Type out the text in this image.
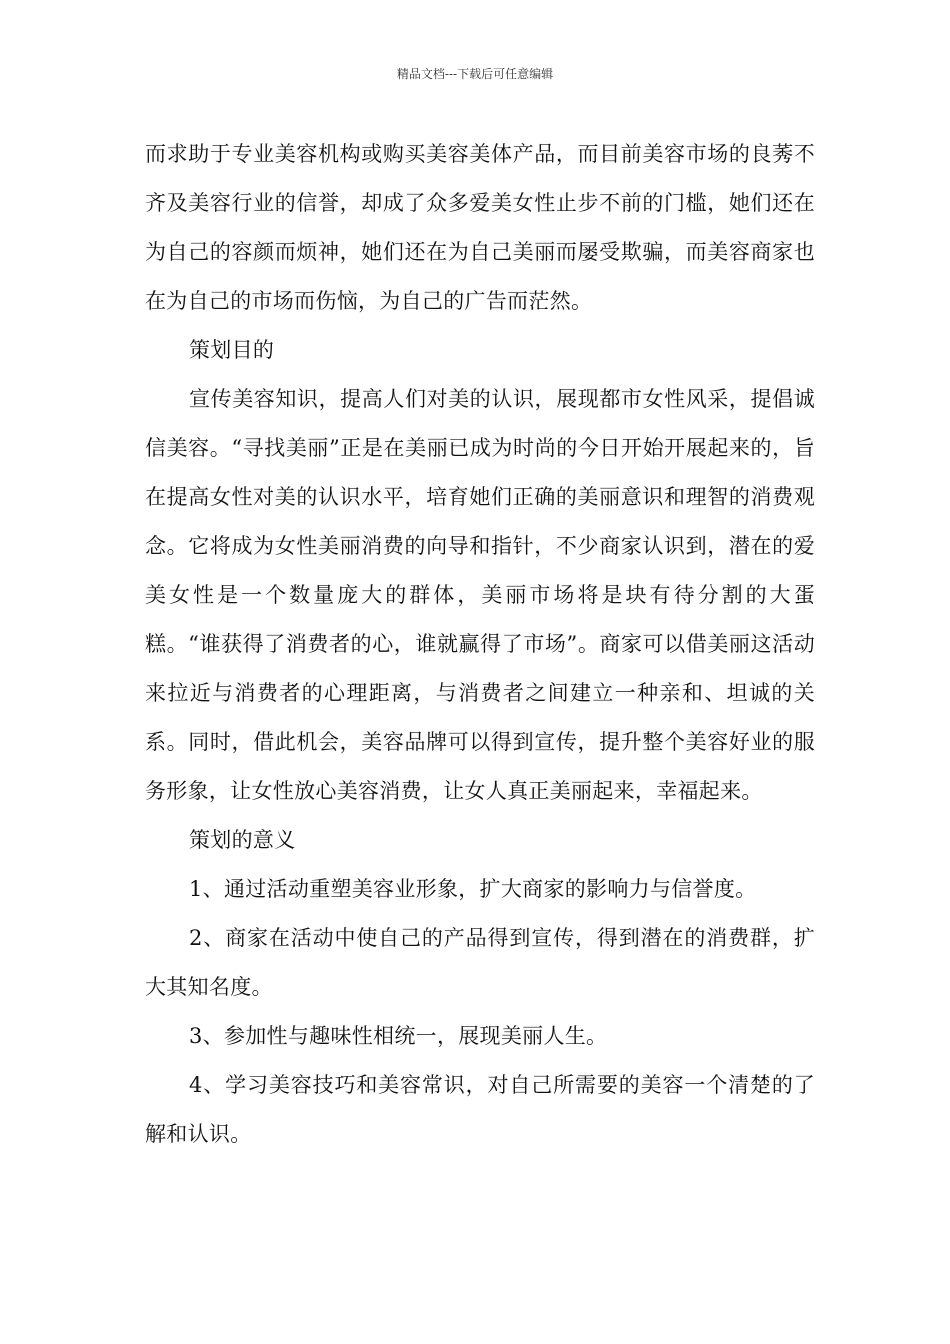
精品文档---下载后可任意编辑

而求助于专业美容机构或购买美容美体产品，而目前美容市场的良莠不齐及美容行业的信誉，却成了众多爱美女性止步不前的门槛，她们还在为自己的容颜而烦神，她们还在为自己美丽而屡受欺骗，而美容商家也在为自己的市场而伤恼，为自己的广告而茫然。

策划目的

宣传美容知识，提高人们对美的认识，展现都市女性风采，提倡诚信美容。“寻找美丽”正是在美丽已成为时尚的今日开始开展起来的，旨在提高女性对美的认识水平，培育她们正确的美丽意识和理智的消费观念。它将成为女性美丽消费的向导和指针，不少商家认识到，潜在的爱美女性是一个数量庞大的群体，美丽市场将是块有待分割的大蛋糕。“谁获得了消费者的心，谁就赢得了市场”。商家可以借美丽这活动来拉近与消费者的心理距离，与消费者之间建立一种亲和、坦诚的关系。同时，借此机会，美容品牌可以得到宣传，提升整个美容好业的服务形象，让女性放心美容消费，让女人真正美丽起来，幸福起来。

策划的意义

1、通过活动重塑美容业形象，扩大商家的影响力与信誉度。

2、商家在活动中使自己的产品得到宣传，得到潜在的消费群，扩大其知名度。

3、参加性与趣味性相统一，展现美丽人生。

4、学习美容技巧和美容常识，对自己所需要的美容一个清楚的了解和认识。
